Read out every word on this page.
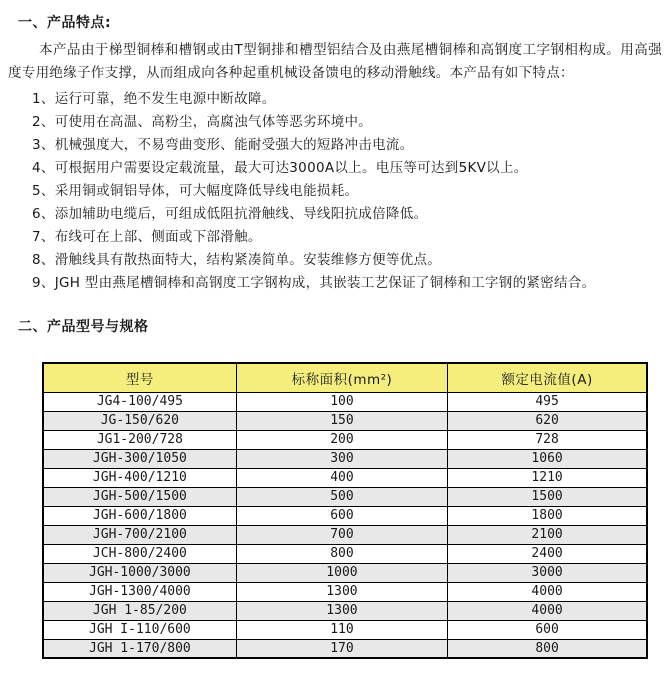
一、产品特点:

本产品由于梯型铜棒和槽钢或由T型铜排和槽型铝结合及由燕尾槽铜棒和高钢度工字钢相构成。用高强度专用绝缘子作支撑，从而组成向各种起重机械设备馈电的移动滑触线。本产品有如下特点：

1、运行可靠，绝不发生电源中断故障。

2、可使用在高温、高粉尘，高腐浊气体等恶劣环境中。

3、机械强度大，不易弯曲变形、能耐受强大的短路冲击电流。

4、可根据用户需要设定载流量，最大可达3000A以上。电压等可达到5KV以上。

5、采用铜或铜铝导体，可大幅度降低导线电能损耗。

6、添加辅助电缆后，可组成低阻抗滑触线、导线阳抗成倍降低。

7、布线可在上部、侧面或下部滑触。

8、滑触线具有散热面特大，结构紧凑简单。安装维修方便等优点。

9、JGH 型由燕尾槽铜棒和高钢度工字钢构成，其嵌装工艺保证了铜棒和工字钢的紧密结合。

二、产品型号与规格
型号	标称面积(mm²)	额定电流值(A)
JG4-100/495	100	495
JG-150/620	150	620
JG1-200/728	200	728
JGH-300/1050	300	1060
JGH-400/1210	400	1210
JGH-500/1500	500	1500
JGH-600/1800	600	1800
JGH-700/2100	700	2100
JCH-800/2400	800	2400
JGH-1000/3000	1000	3000
JGH-1300/4000	1300	4000
JGH 1-85/200	1300	4000
JGH I-110/600	110	600
JGH 1-170/800	170	800
